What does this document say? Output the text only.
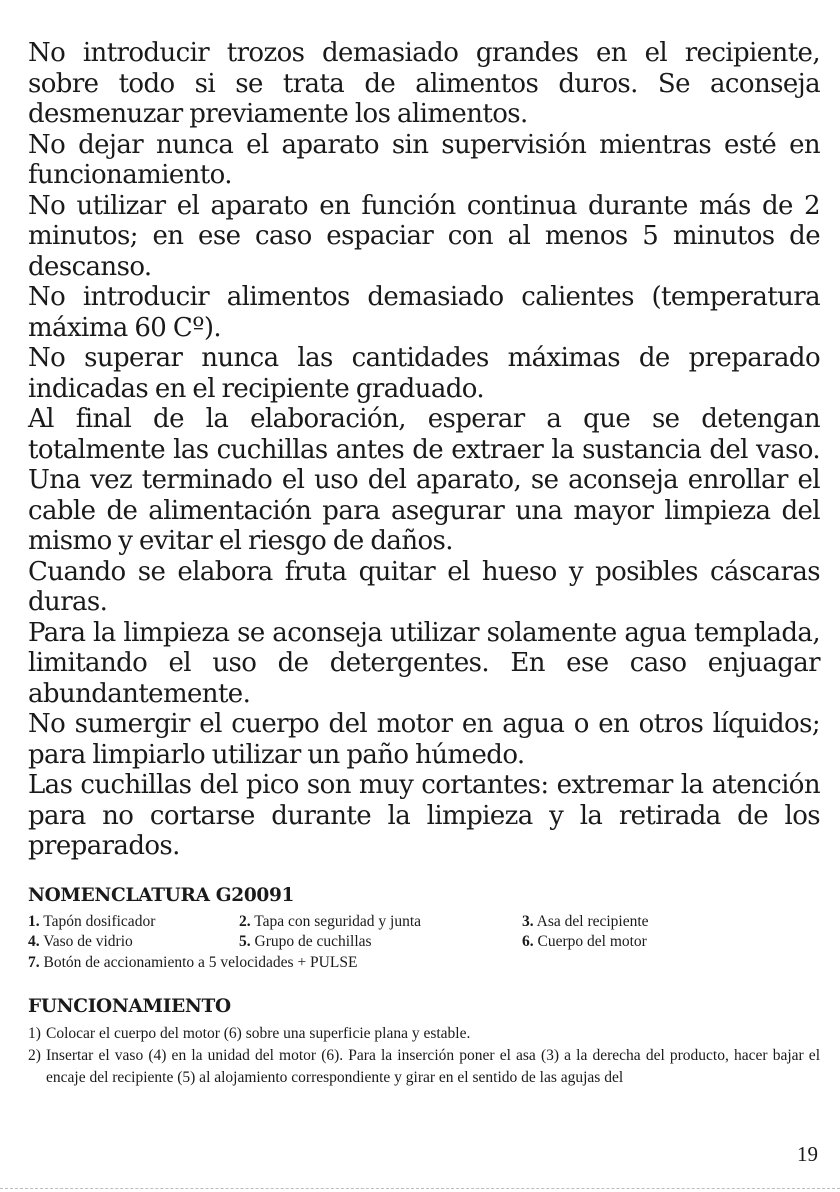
No introducir trozos demasiado grandes en el recipiente, sobre todo si se trata de alimentos duros. Se aconseja desmenuzar previamente los alimentos.

No dejar nunca el aparato sin supervisión mientras esté en funcionamiento.

No utilizar el aparato en función continua durante más de 2 minutos; en ese caso espaciar con al menos 5 minutos de descanso.

No introducir alimentos demasiado calientes (temperatura máxima 60 Cº).

No superar nunca las cantidades máximas de preparado indicadas en el recipiente graduado.

Al final de la elaboración, esperar a que se detengan totalmente las cuchillas antes de extraer la sustancia del vaso. Una vez terminado el uso del aparato, se aconseja enrollar el cable de alimentación para asegurar una mayor limpieza del mismo y evitar el riesgo de daños.

Cuando se elabora fruta quitar el hueso y posibles cáscaras duras.

Para la limpieza se aconseja utilizar solamente agua templada, limitando el uso de detergentes. En ese caso enjuagar abundantemente.

No sumergir el cuerpo del motor en agua o en otros líquidos; para limpiarlo utilizar un paño húmedo.

Las cuchillas del pico son muy cortantes: extremar la atención para no cortarse durante la limpieza y la retirada de los preparados.

NOMENCLATURA G20091
1. Tapón dosificador	2. Tapa con seguridad y junta	3. Asa del recipiente
4. Vaso de vidrio	5. Grupo de cuchillas	6. Cuerpo del motor
7. Botón de accionamiento a 5 velocidades + PULSE
FUNCIONAMIENTO
1) Colocar el cuerpo del motor (6) sobre una superficie plana y estable.
2) Insertar el vaso (4) en la unidad del motor (6). Para la inserción poner el asa (3) a la derecha del producto, hacer bajar el encaje del recipiente (5) al alojamiento correspondiente y girar en el sentido de las agujas del
19
